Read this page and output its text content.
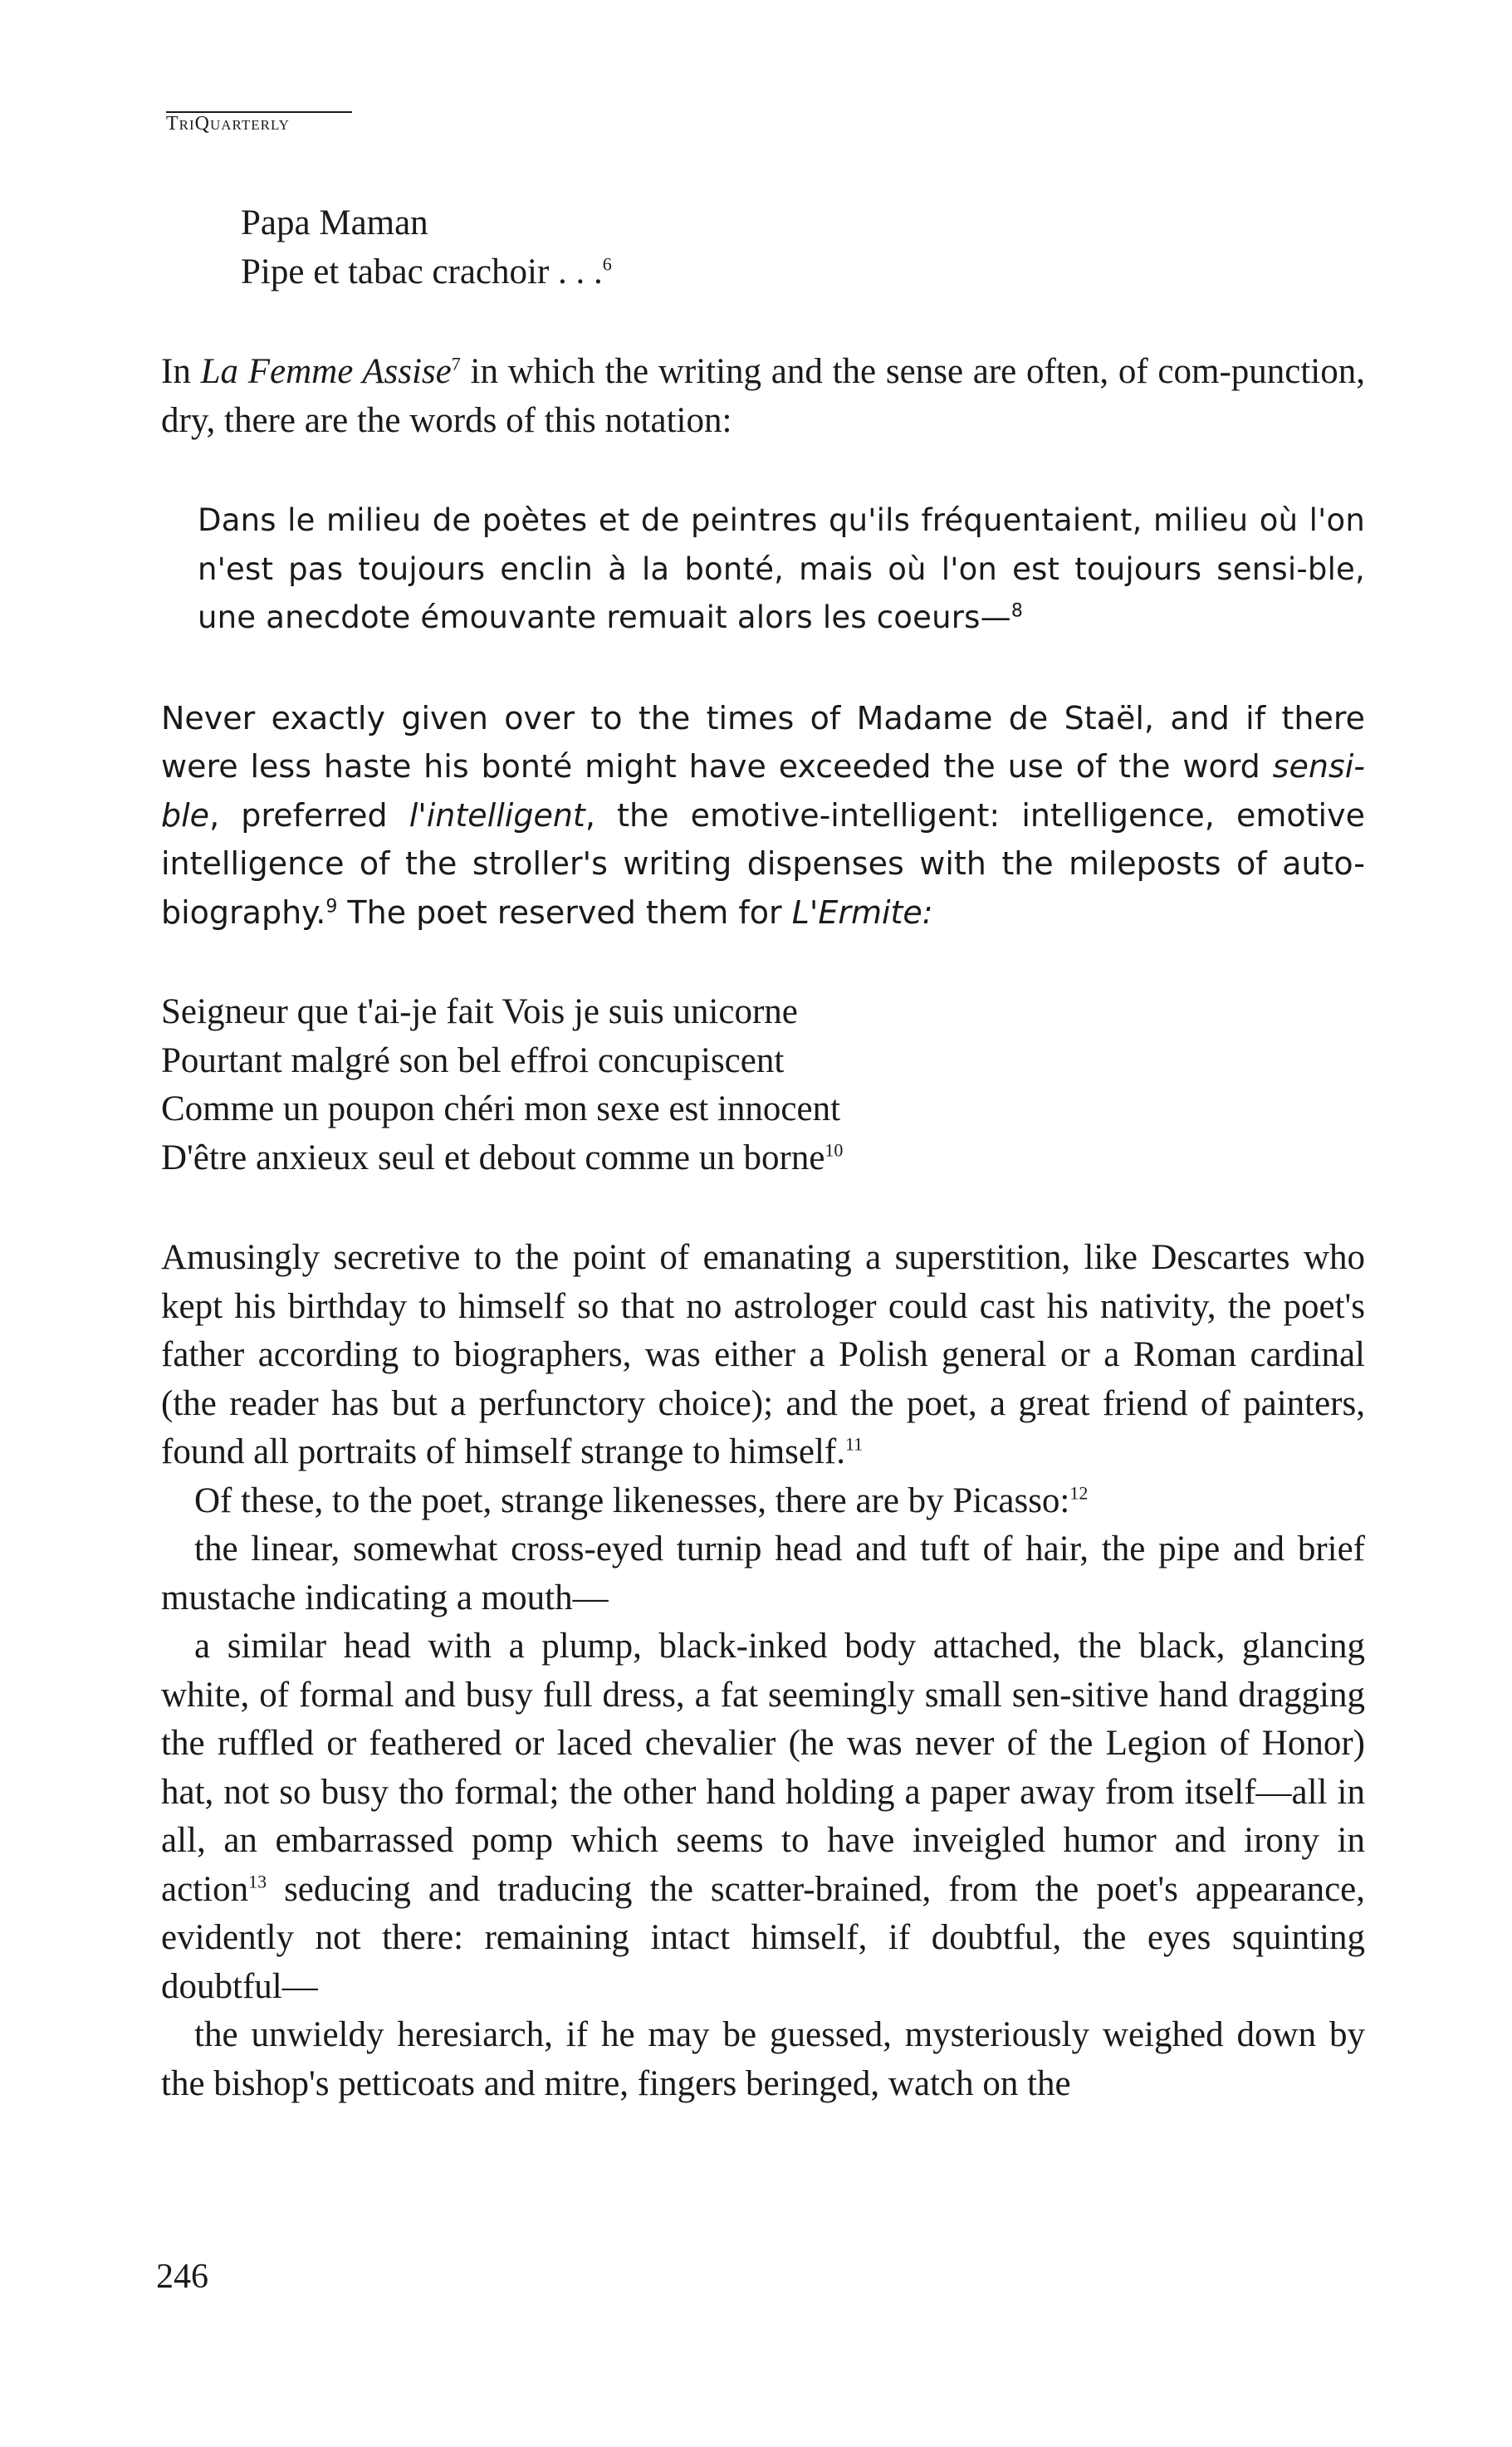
TriQuarterly

Papa Maman

Pipe et tabac crachoir . . .$^6$

In La Femme Assise$^7$ in which the writing and the sense are often, of com-punction, dry, there are the words of this notation:

Dans le milieu de poètes et de peintres qu'ils fréquentaient, milieu où l'on n'est pas toujours enclin à la bonté, mais où l'on est toujours sensi-ble, une anecdote émouvante remuait alors les coeurs—$^8$

Never exactly given over to the times of Madame de Staël, and if there were less haste his bonté might have exceeded the use of the word sensi-ble, preferred l'intelligent, the emotive-intelligent: intelligence, emotive intelligence of the stroller's writing dispenses with the mileposts of auto-biography.$^9$ The poet reserved them for L'Ermite:

Seigneur que t'ai-je fait Vois je suis unicorne

Pourtant malgré son bel effroi concupiscent

Comme un poupon chéri mon sexe est innocent

D'être anxieux seul et debout comme un borne$^{10}$

Amusingly secretive to the point of emanating a superstition, like Descartes who kept his birthday to himself so that no astrologer could cast his nativity, the poet's father according to biographers, was either a Polish general or a Roman cardinal (the reader has but a perfunctory choice); and the poet, a great friend of painters, found all portraits of himself strange to himself.$^{11}$

Of these, to the poet, strange likenesses, there are by Picasso:$^{12}$

the linear, somewhat cross-eyed turnip head and tuft of hair, the pipe and brief mustache indicating a mouth—

a similar head with a plump, black-inked body attached, the black, glancing white, of formal and busy full dress, a fat seemingly small sen-sitive hand dragging the ruffled or feathered or laced chevalier (he was never of the Legion of Honor) hat, not so busy tho formal; the other hand holding a paper away from itself—all in all, an embarrassed pomp which seems to have inveigled humor and irony in action$^{13}$ seducing and traducing the scatter-brained, from the poet's appearance, evidently not there: remaining intact himself, if doubtful, the eyes squinting doubtful—

the unwieldy heresiarch, if he may be guessed, mysteriously weighed down by the bishop's petticoats and mitre, fingers beringed, watch on the

246
